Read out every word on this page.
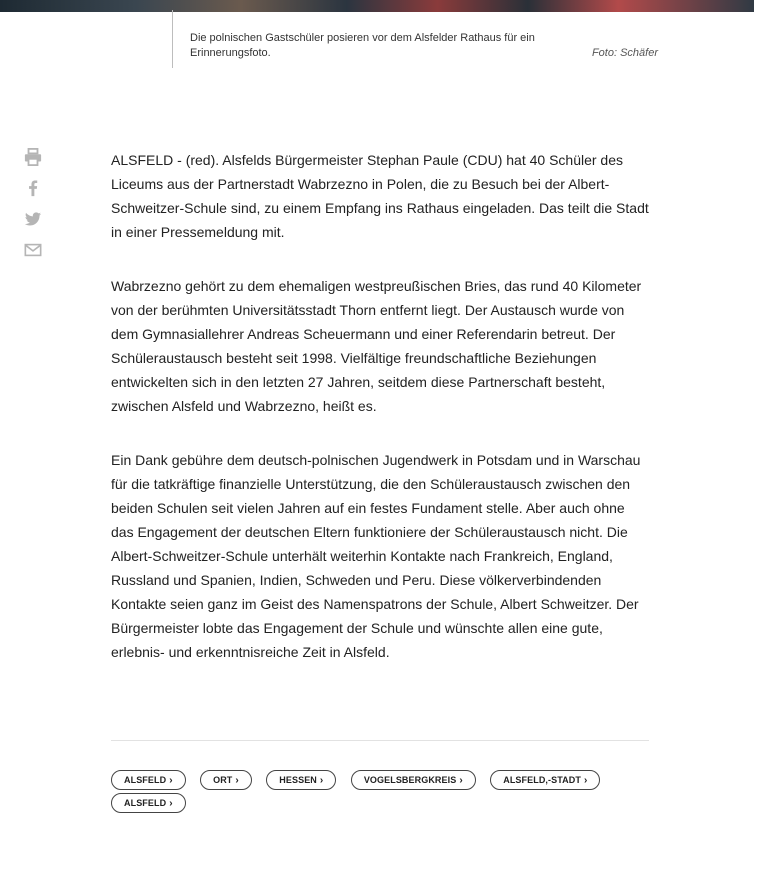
Die polnischen Gastschüler posieren vor dem Alsfelder Rathaus für ein Erinnerungsfoto.	Foto: Schäfer

ALSFELD - (red). Alsfelds Bürgermeister Stephan Paule (CDU) hat 40 Schüler des Liceums aus der Partnerstadt Wabrzezno in Polen, die zu Besuch bei der Albert-Schweitzer-Schule sind, zu einem Empfang ins Rathaus eingeladen. Das teilt die Stadt in einer Pressemeldung mit.

Wabrzezno gehört zu dem ehemaligen westpreußischen Bries, das rund 40 Kilometer von der berühmten Universitätsstadt Thorn entfernt liegt. Der Austausch wurde von dem Gymnasiallehrer Andreas Scheuermann und einer Referendarin betreut. Der Schüleraustausch besteht seit 1998. Vielfältige freundschaftliche Beziehungen entwickelten sich in den letzten 27 Jahren, seitdem diese Partnerschaft besteht, zwischen Alsfeld und Wabrzezno, heißt es.

Ein Dank gebühre dem deutsch-polnischen Jugendwerk in Potsdam und in Warschau für die tatkräftige finanzielle Unterstützung, die den Schüleraustausch zwischen den beiden Schulen seit vielen Jahren auf ein festes Fundament stelle. Aber auch ohne das Engagement der deutschen Eltern funktioniere der Schüleraustausch nicht. Die Albert-Schweitzer-Schule unterhält weiterhin Kontakte nach Frankreich, England, Russland und Spanien, Indien, Schweden und Peru. Diese völkerverbindenden Kontakte seien ganz im Geist des Namenspatrons der Schule, Albert Schweitzer. Der Bürgermeister lobte das Engagement der Schule und wünschte allen eine gute, erlebnis- und erkenntnisreiche Zeit in Alsfeld.

ALSFELD ›	ORT ›	HESSEN ›	VOGELSBERGKREIS ›	ALSFELD,-STADT › ALSFELD ›
